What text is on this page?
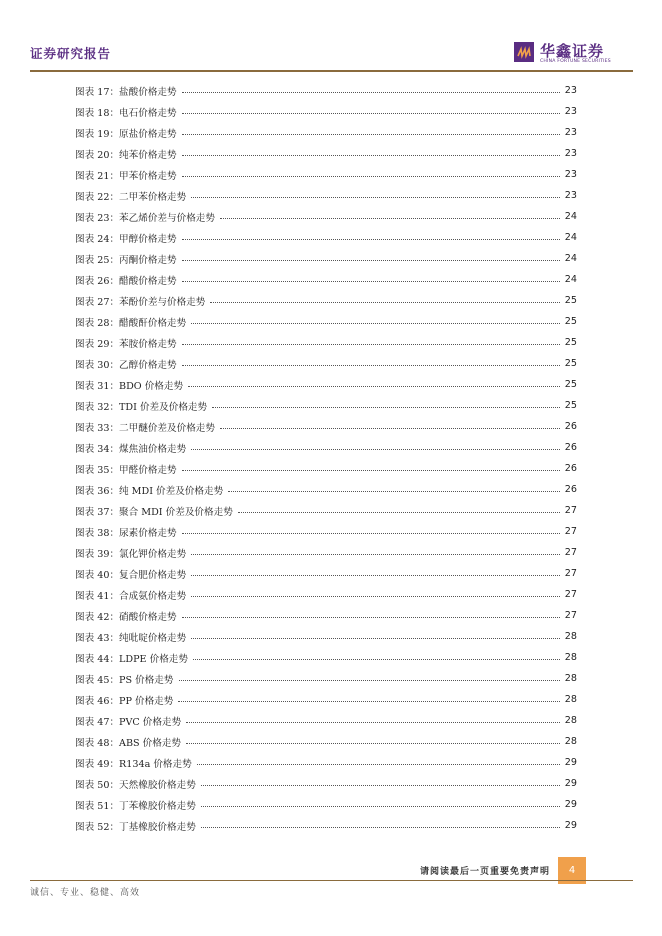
证券研究报告	华鑫证券
CHINA FORTUNE SECURITIES
图表 17：盐酸价格走势	23
图表 18：电石价格走势	23
图表 19：原盐价格走势	23
图表 20：纯苯价格走势	23
图表 21：甲苯价格走势	23
图表 22：二甲苯价格走势	23
图表 23：苯乙烯价差与价格走势	24
图表 24：甲醇价格走势	24
图表 25：丙酮价格走势	24
图表 26：醋酸价格走势	24
图表 27：苯酚价差与价格走势	25
图表 28：醋酸酐价格走势	25
图表 29：苯胺价格走势	25
图表 30：乙醇价格走势	25
图表 31：BDO 价格走势	25
图表 32：TDI 价差及价格走势	25
图表 33：二甲醚价差及价格走势	26
图表 34：煤焦油价格走势	26
图表 35：甲醛价格走势	26
图表 36：纯 MDI 价差及价格走势	26
图表 37：聚合 MDI 价差及价格走势	27
图表 38：尿素价格走势	27
图表 39：氯化钾价格走势	27
图表 40：复合肥价格走势	27
图表 41：合成氨价格走势	27
图表 42：硝酸价格走势	27
图表 43：纯吡啶价格走势	28
图表 44：LDPE 价格走势	28
图表 45：PS 价格走势	28
图表 46：PP 价格走势	28
图表 47：PVC 价格走势	28
图表 48：ABS 价格走势	28
图表 49：R134a 价格走势	29
图表 50：天然橡胶价格走势	29
图表 51：丁苯橡胶价格走势	29
图表 52：丁基橡胶价格走势	29
请阅读最后一页重要免责声明	4
诚信、专业、稳健、高效
